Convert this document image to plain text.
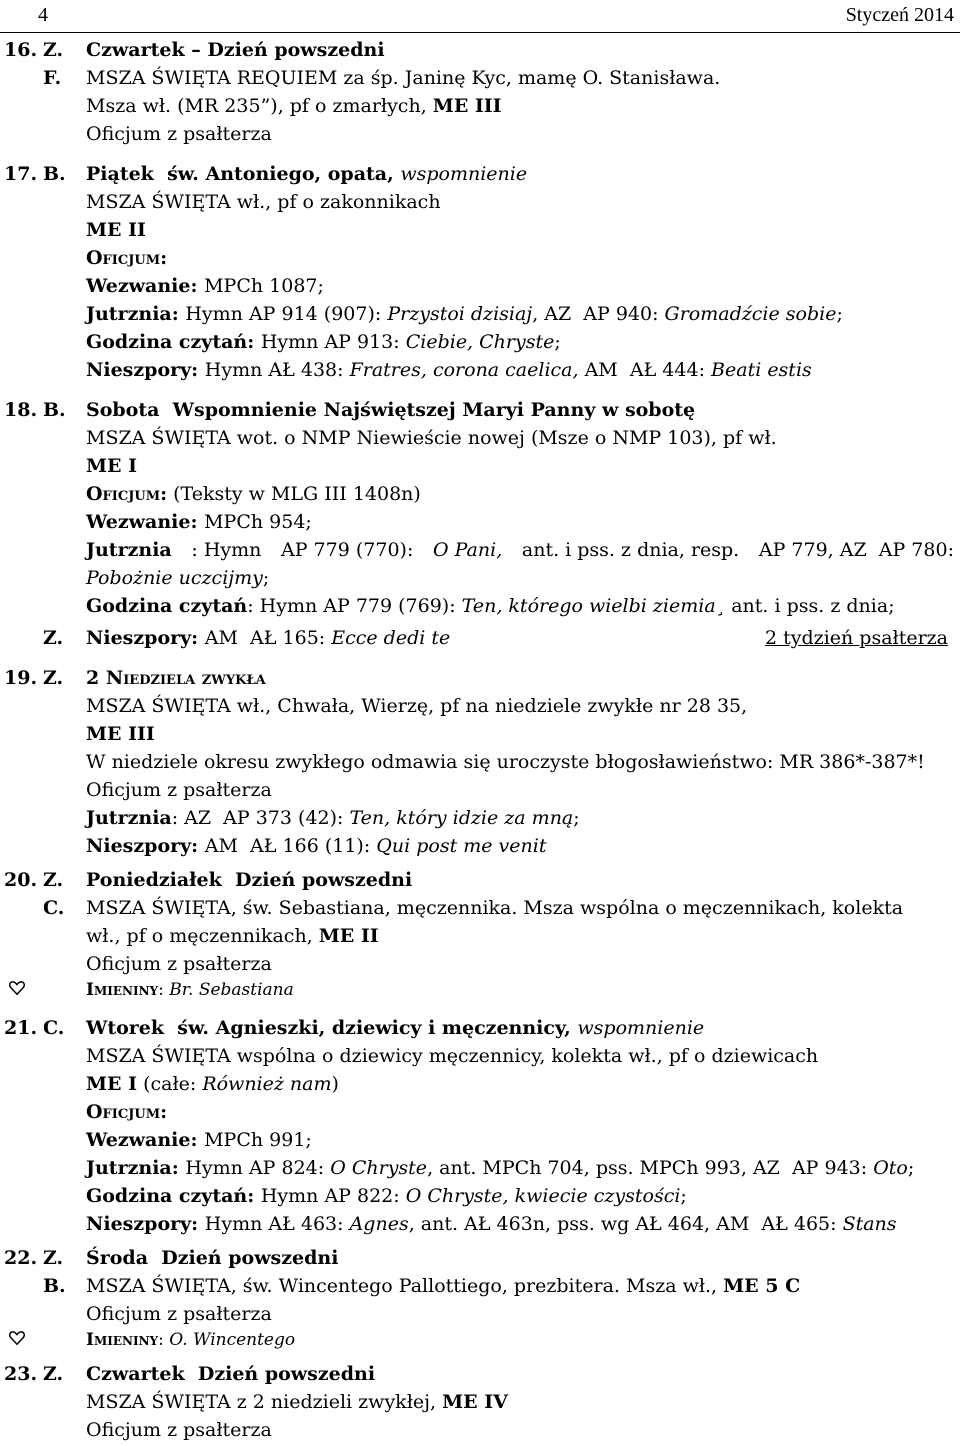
4	Styczeń 2014
16. Z. Czwartek – Dzień powszedni
F. MSZA ŚWIĘTA REQUIEM za śp. Janinę Kyc, mamę O. Stanisława.
Msza wł. (MR 235”), pf o zmarłych, ME III
Oficjum z psałterza
17. B. Piątek  św. Antoniego, opata, wspomnienie
MSZA ŚWIĘTA wł., pf o zakonnikach
ME II
Oficjum:
Wezwanie: MPCh 1087;
Jutrznia: Hymn AP 914 (907): Przystoi dzisiaj, AZ  AP 940: Gromadźcie sobie;
Godzina czytań: Hymn AP 913: Ciebie, Chryste;
Nieszpory: Hymn AŁ 438: Fratres, corona caelica, AM  AŁ 444: Beati estis
18. B. Sobota  Wspomnienie Najświętszej Maryi Panny w sobotę
MSZA ŚWIĘTA wot. o NMP Niewieście nowej (Msze o NMP 103), pf wł.
ME I
Oficjum: (Teksty w MLG III 1408n)
Wezwanie: MPCh 954;
Jutrznia : Hymn AP 779 (770): O Pani, ant. i pss. z dnia, resp. AP 779, AZ  AP 780:
Pobożnie uczcijmy;
Godzina czytań: Hymn AP 779 (769): Ten, którego wielbi ziemia¸ ant. i pss. z dnia;
Z. Nieszpory: AM  AŁ 165: Ecce dedi te	2 tydzień psałterza
19. Z. 2 Niedziela zwykła
MSZA ŚWIĘTA wł., Chwała, Wierzę, pf na niedziele zwykłe nr 28 35,
ME III
W niedziele okresu zwykłego odmawia się uroczyste błogosławieństwo: MR 386*-387*!
Oficjum z psałterza
Jutrznia: AZ  AP 373 (42): Ten, który idzie za mną;
Nieszpory: AM  AŁ 166 (11): Qui post me venit
20. Z. Poniedziałek  Dzień powszedni
C. MSZA ŚWIĘTA, św. Sebastiana, męczennika. Msza wspólna o męczennikach, kolekta
wł., pf o męczennikach, ME II
Oficjum z psałterza
Imieniny: Br. Sebastiana
21. C. Wtorek  św. Agnieszki, dziewicy i męczennicy, wspomnienie
MSZA ŚWIĘTA wspólna o dziewicy męczennicy, kolekta wł., pf o dziewicach
ME I (całe: Również nam)
Oficjum:
Wezwanie: MPCh 991;
Jutrznia: Hymn AP 824: O Chryste, ant. MPCh 704, pss. MPCh 993, AZ  AP 943: Oto;
Godzina czytań: Hymn AP 822: O Chryste, kwiecie czystości;
Nieszpory: Hymn AŁ 463: Agnes, ant. AŁ 463n, pss. wg AŁ 464, AM  AŁ 465: Stans
22. Z. Środa  Dzień powszedni
B. MSZA ŚWIĘTA, św. Wincentego Pallottiego, prezbitera. Msza wł., ME 5 C
Oficjum z psałterza
Imieniny: O. Wincentego
23. Z. Czwartek  Dzień powszedni
MSZA ŚWIĘTA z 2 niedzieli zwykłej, ME IV
Oficjum z psałterza
